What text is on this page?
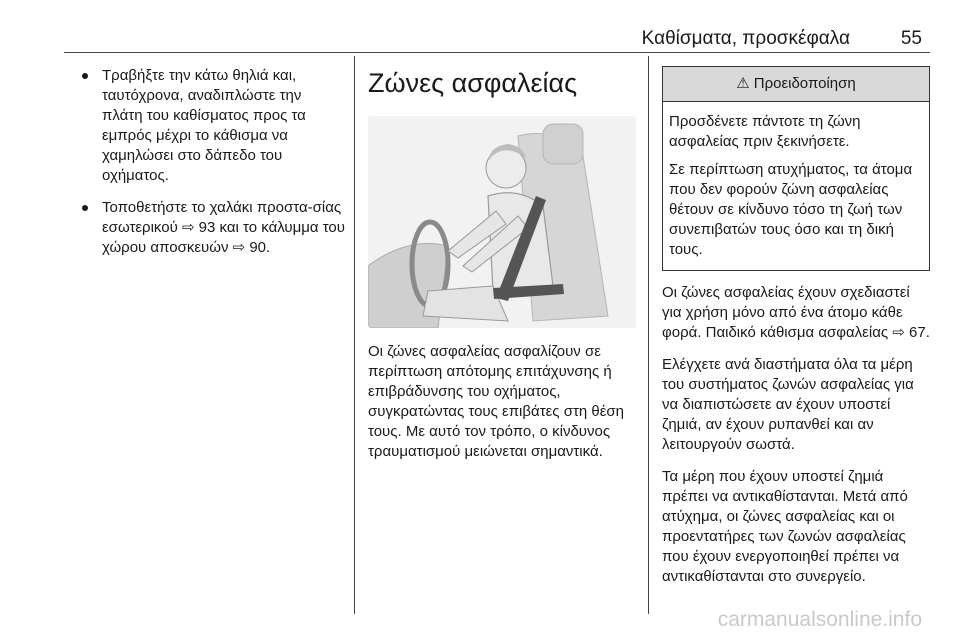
Καθίσματα, προσκέφαλα	55
Τραβήξτε την κάτω θηλιά και, ταυτόχρονα, αναδιπλώστε την πλάτη του καθίσματος προς τα εμπρός μέχρι το κάθισμα να χαμηλώσει στο δάπεδο του οχήματος.
Τοποθετήστε το χαλάκι προστα-σίας εσωτερικού ⇨ 93 και το κάλυμμα του χώρου αποσκευών ⇨ 90.
Ζώνες ασφαλείας

Οι ζώνες ασφαλείας ασφαλίζουν σε περίπτωση απότομης επιτάχυνσης ή επιβράδυνσης του οχήματος, συγκρατώντας τους επιβάτες στη θέση τους. Με αυτό τον τρόπο, ο κίνδυνος τραυματισμού μειώνεται σημαντικά.

⚠ Προειδοποίηση

Προσδένετε πάντοτε τη ζώνη ασφαλείας πριν ξεκινήσετε.

Σε περίπτωση ατυχήματος, τα άτομα που δεν φορούν ζώνη ασφαλείας θέτουν σε κίνδυνο τόσο τη ζωή των συνεπιβατών τους όσο και τη δική τους.

Οι ζώνες ασφαλείας έχουν σχεδιαστεί για χρήση μόνο από ένα άτομο κάθε φορά. Παιδικό κάθισμα ασφαλείας ⇨ 67.

Ελέγχετε ανά διαστήματα όλα τα μέρη του συστήματος ζωνών ασφαλείας για να διαπιστώσετε αν έχουν υποστεί ζημιά, αν έχουν ρυπανθεί και αν λειτουργούν σωστά.

Τα μέρη που έχουν υποστεί ζημιά πρέπει να αντικαθίστανται. Μετά από ατύχημα, οι ζώνες ασφαλείας και οι προεντατήρες των ζωνών ασφαλείας που έχουν ενεργοποιηθεί πρέπει να αντικαθίστανται στο συνεργείο.

carmanualsonline.info
